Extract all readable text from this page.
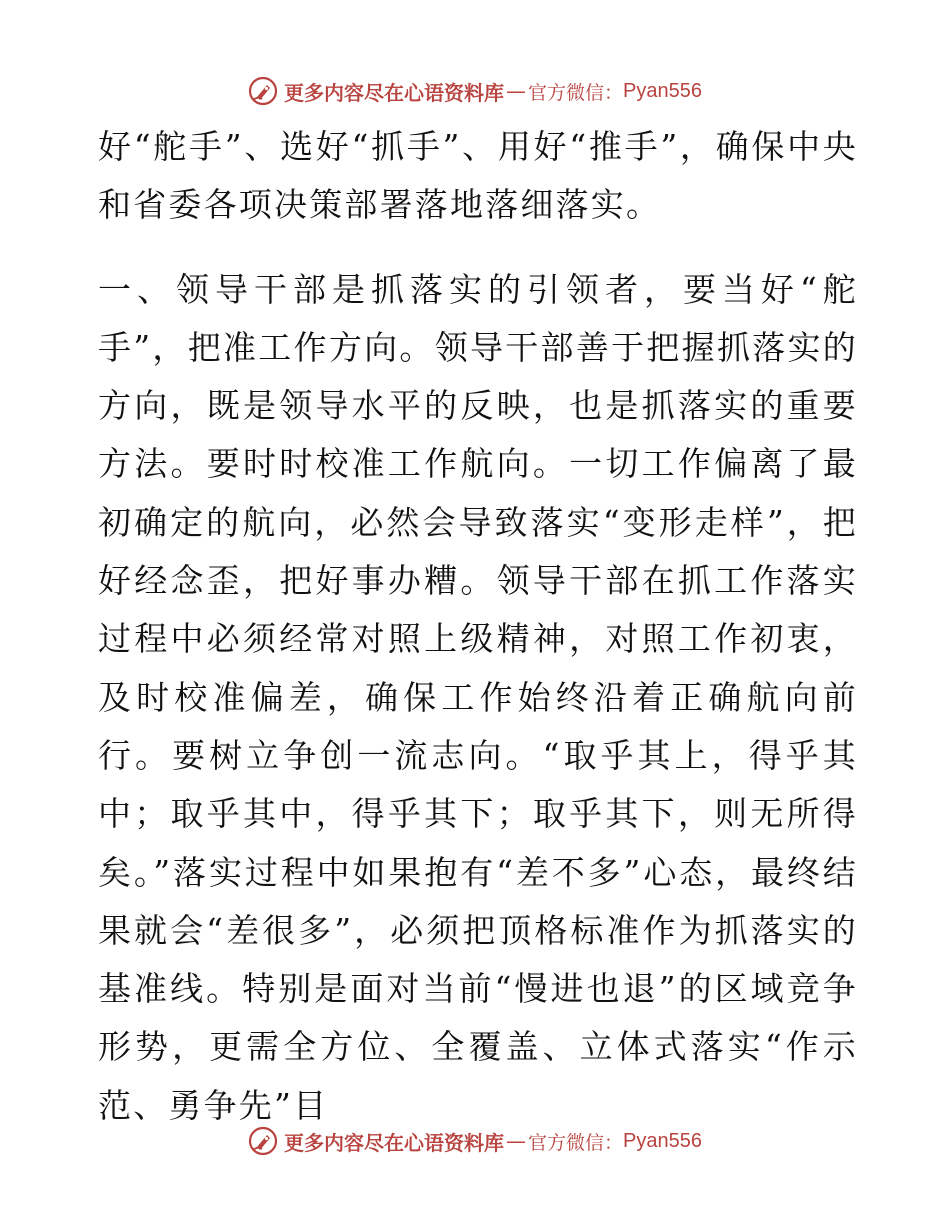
更多内容尽在心语资料库 — 官方微信： Pyan556

好“舵手”、选好“抓手”、用好“推手”，确保中央和省委各项决策部署落地落细落实。

一、领导干部是抓落实的引领者，要当好“舵手”，把准工作方向。领导干部善于把握抓落实的方向，既是领导水平的反映，也是抓落实的重要方法。要时时校准工作航向。一切工作偏离了最初确定的航向，必然会导致落实“变形走样”，把好经念歪，把好事办糟。领导干部在抓工作落实过程中必须经常对照上级精神，对照工作初衷，及时校准偏差，确保工作始终沿着正确航向前行。要树立争创一流志向。“取乎其上，得乎其中；取乎其中，得乎其下；取乎其下，则无所得矣。”落实过程中如果抱有“差不多”心态，最终结果就会“差很多”，必须把顶格标准作为抓落实的基准线。特别是面对当前“慢进也退”的区域竞争形势，更需全方位、全覆盖、立体式落实“作示范、勇争先”目

更多内容尽在心语资料库 — 官方微信： Pyan556
